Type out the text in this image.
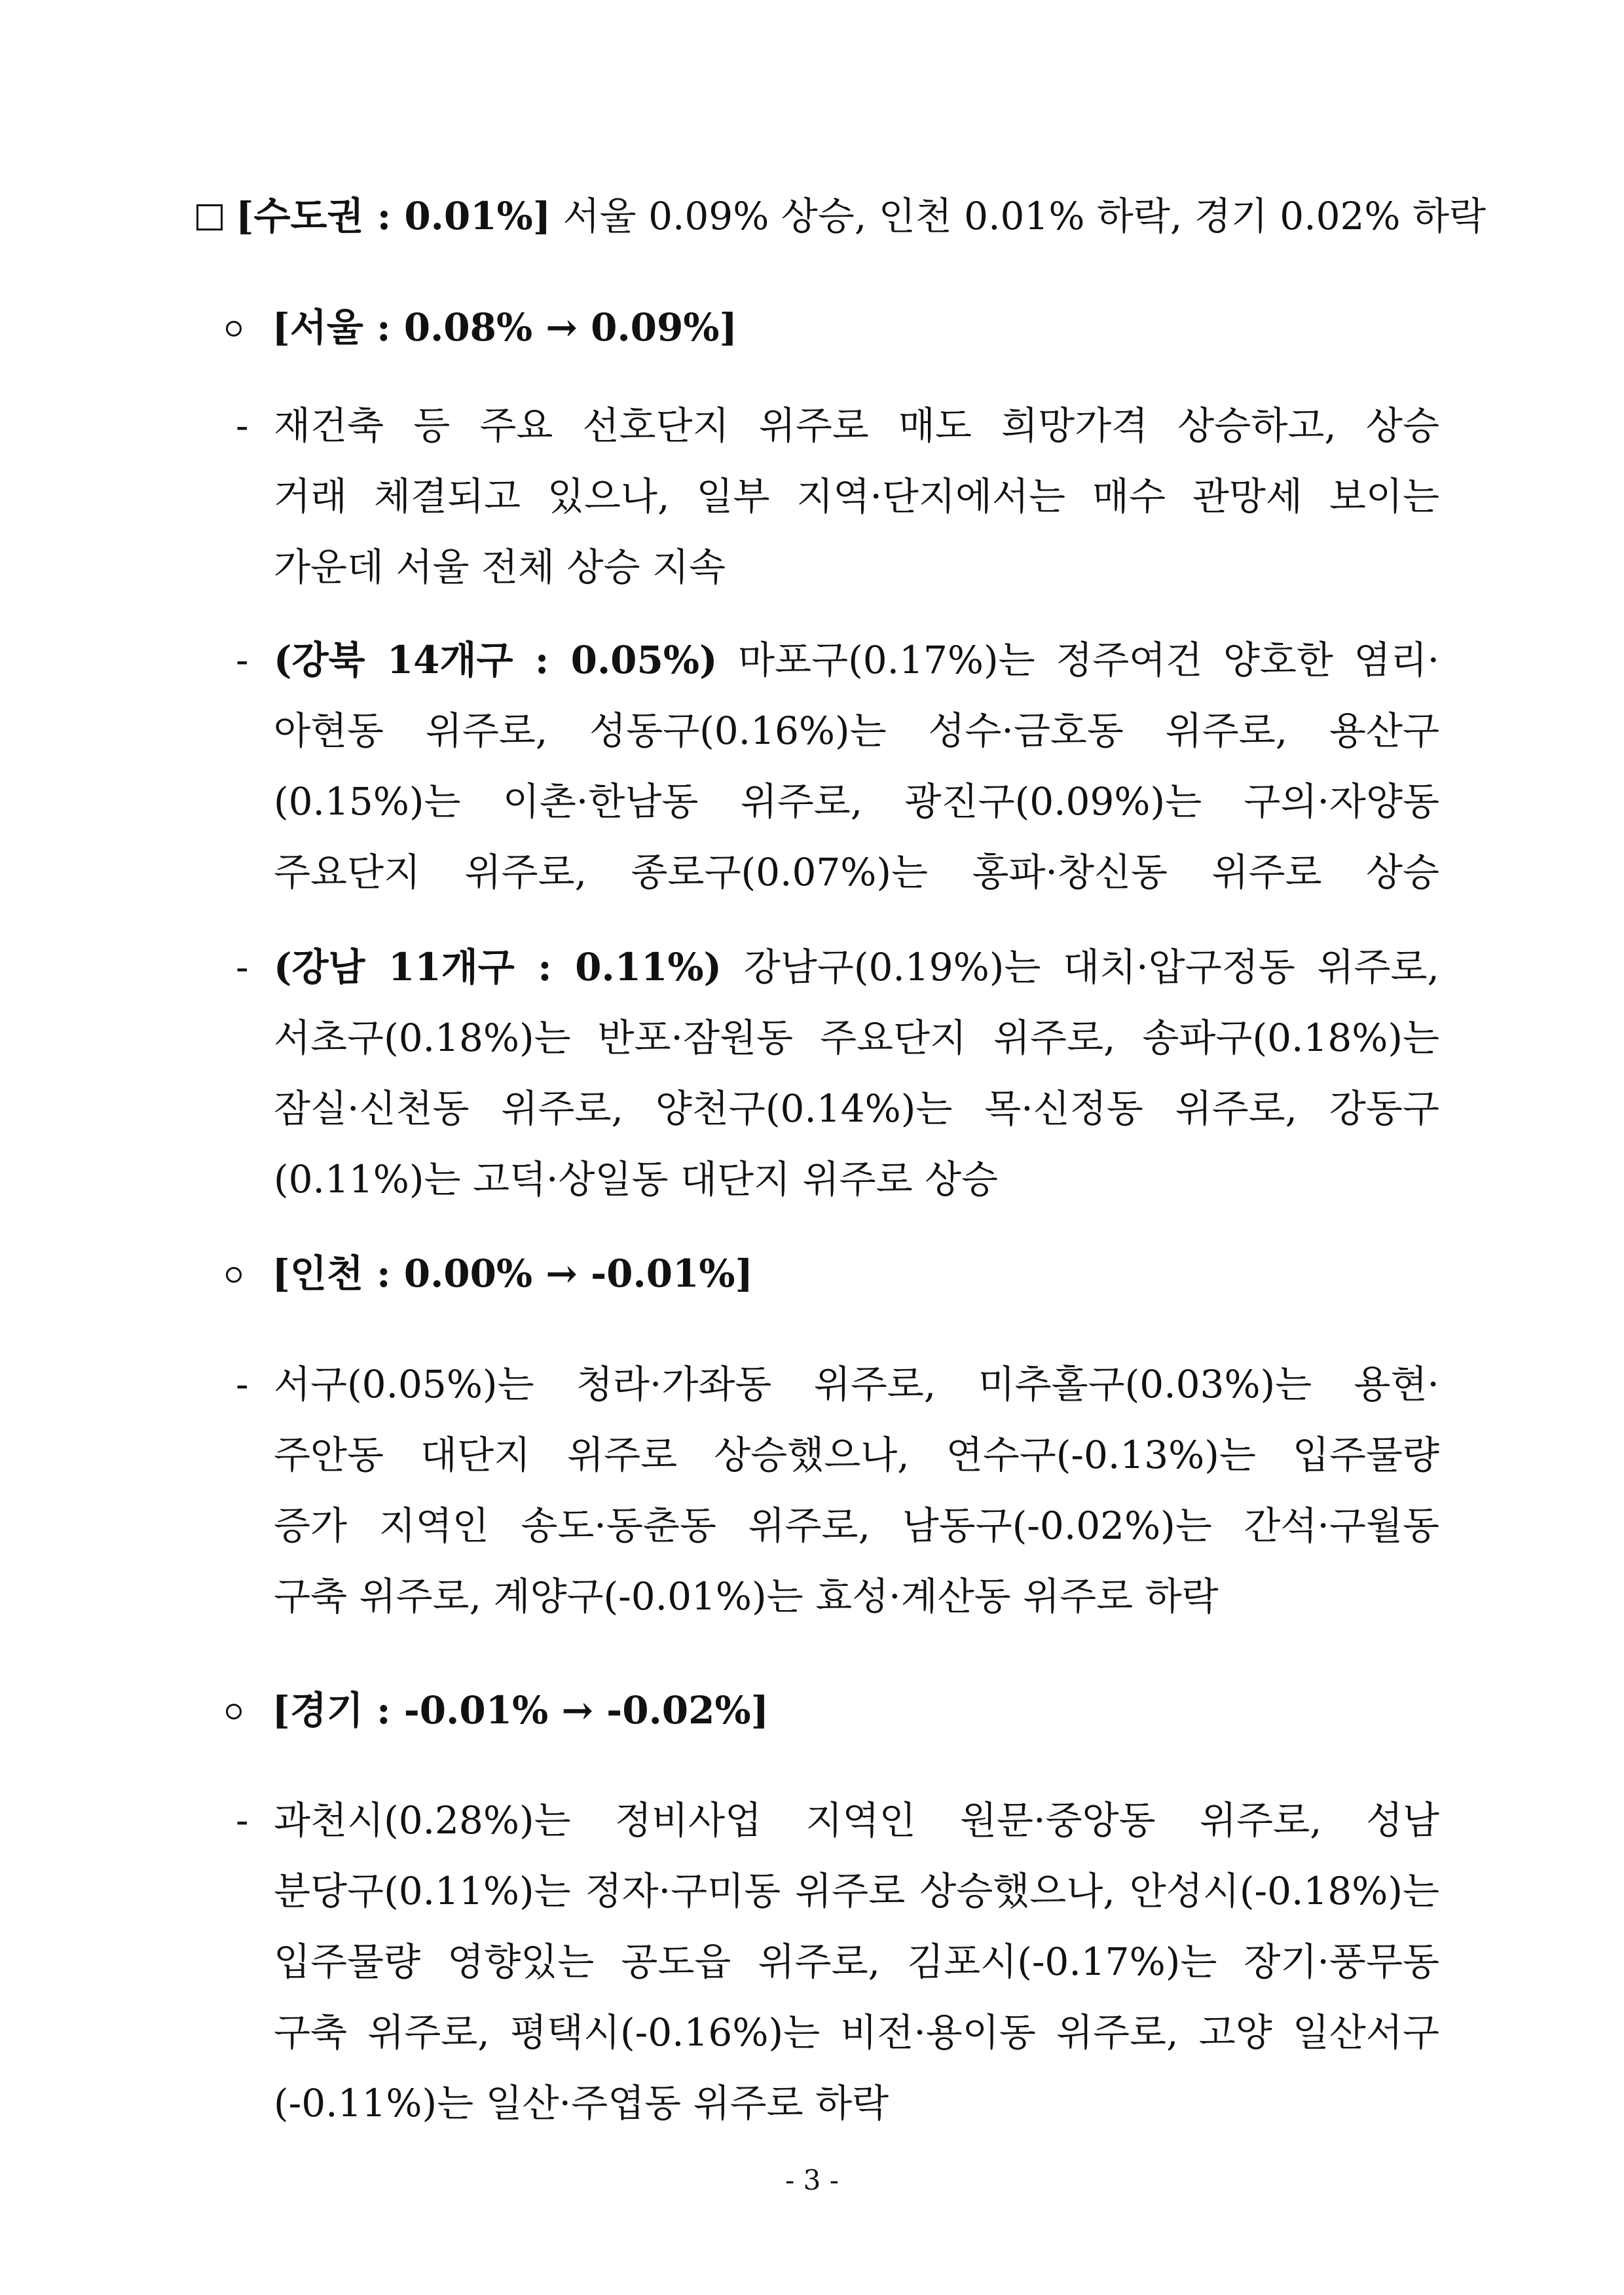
[수도권 : 0.01%] 서울 0.09% 상승, 인천 0.01% 하락, 경기 0.02% 하락
[서울 : 0.08% → 0.09%]
- 재건축 등 주요 선호단지 위주로 매도 희망가격 상승하고, 상승
거래 체결되고 있으나, 일부 지역·단지에서는 매수 관망세 보이는
가운데 서울 전체 상승 지속
- (강북 14개구 : 0.05%) 마포구(0.17%)는 정주여건 양호한 염리·
아현동 위주로, 성동구(0.16%)는 성수·금호동 위주로, 용산구
(0.15%)는 이촌·한남동 위주로, 광진구(0.09%)는 구의·자양동
주요단지 위주로, 종로구(0.07%)는 홍파·창신동 위주로 상승
- (강남 11개구 : 0.11%) 강남구(0.19%)는 대치·압구정동 위주로,
서초구(0.18%)는 반포·잠원동 주요단지 위주로, 송파구(0.18%)는
잠실·신천동 위주로, 양천구(0.14%)는 목·신정동 위주로, 강동구
(0.11%)는 고덕·상일동 대단지 위주로 상승
[인천 : 0.00% → -0.01%]
- 서구(0.05%)는 청라·가좌동 위주로, 미추홀구(0.03%)는 용현·
주안동 대단지 위주로 상승했으나, 연수구(-0.13%)는 입주물량
증가 지역인 송도·동춘동 위주로, 남동구(-0.02%)는 간석·구월동
구축 위주로, 계양구(-0.01%)는 효성·계산동 위주로 하락
[경기 : -0.01% → -0.02%]
- 과천시(0.28%)는 정비사업 지역인 원문·중앙동 위주로, 성남
분당구(0.11%)는 정자·구미동 위주로 상승했으나, 안성시(-0.18%)는
입주물량 영향있는 공도읍 위주로, 김포시(-0.17%)는 장기·풍무동
구축 위주로, 평택시(-0.16%)는 비전·용이동 위주로, 고양 일산서구
(-0.11%)는 일산·주엽동 위주로 하락
- 3 -
